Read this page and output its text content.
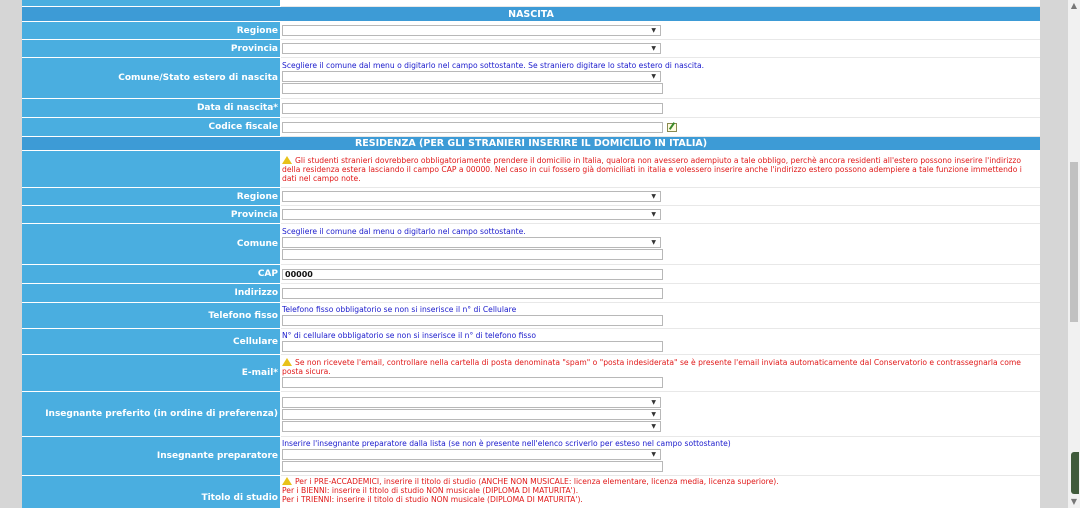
NASCITA	
Regione	▼

Provincia	▼

Comune/Stato estero di nascita	Scegliere il comune dal menu o digitarlo nel campo sottostante. Se straniero digitare lo stato estero di nascita.
▼

Data di nascita*	

Codice fiscale	

RESIDENZA (PER GLI STRANIERI INSERIRE IL DOMICILIO IN ITALIA)	

	Gli studenti stranieri dovrebbero obbligatoriamente prendere il domicilio in Italia, qualora non avessero adempiuto a tale obbligo, perchè ancora residenti all'estero possono inserire l'indirizzo della residenza estera lasciando il campo CAP a 00000. Nel caso in cui fossero già domiciliati in italia e volessero inserire anche l'indirizzo estero possono adempiere a tale funzione immettendo i dati nel campo note.

Regione	▼

Provincia	▼

Comune	Scegliere il comune dal menu o digitarlo nel campo sottostante.
▼

CAP	00000

Indirizzo	

Telefono fisso	Telefono fisso obbligatorio se non si inserisce il n° di Cellulare

Cellulare	N° di cellulare obbligatorio se non si inserisce il n° di telefono fisso

E-mail*	Se non ricevete l'email, controllare nella cartella di posta denominata "spam" o "posta indesiderata" se è presente l'email inviata automaticamente dal Conservatorio e contrassegnarla come posta sicura.

Insegnante preferito (in ordine di preferenza)	▼
▼
▼

Insegnante preparatore	Inserire l'insegnante preparatore dalla lista (se non è presente nell'elenco scriverlo per esteso nel campo sottostante)
▼

Titolo di studio	Per i PRE-ACCADEMICI, inserire il titolo di studio (ANCHE NON MUSICALE: licenza elementare, licenza media, licenza superiore).
Per i BIENNI: inserire il titolo di studio NON musicale (DIPLOMA DI MATURITA').
Per i TRIENNI: inserire il titolo di studio NON musicale (DIPLOMA DI MATURITA').
▲
▼
